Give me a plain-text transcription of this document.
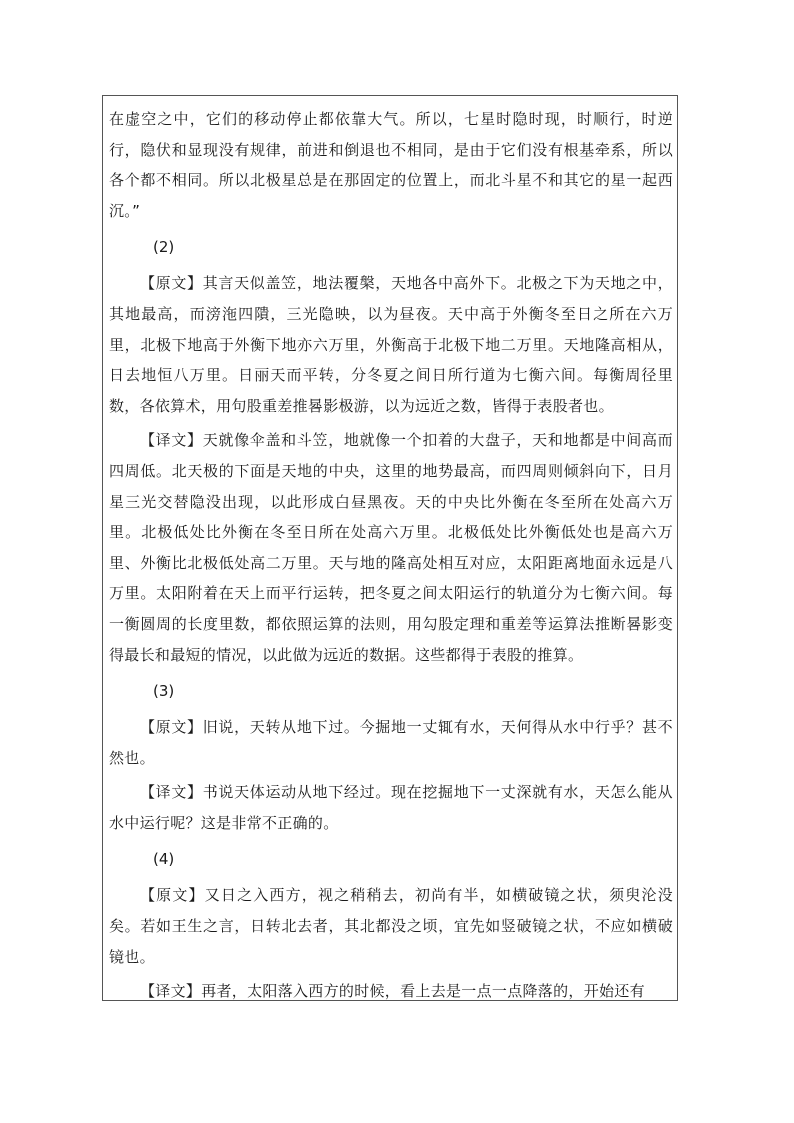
在虚空之中，它们的移动停止都依靠大气。所以，七星时隐时现，时顺行，时逆行，隐伏和显现没有规律，前进和倒退也不相同，是由于它们没有根基牵系，所以各个都不相同。所以北极星总是在那固定的位置上，而北斗星不和其它的星一起西沉。”

(2)

【原文】其言天似盖笠，地法覆槃，天地各中高外下。北极之下为天地之中，其地最高，而滂沲四隤，三光隐映，以为昼夜。天中高于外衡冬至日之所在六万里，北极下地高于外衡下地亦六万里，外衡高于北极下地二万里。天地隆高相从，日去地恒八万里。日丽天而平转，分冬夏之间日所行道为七衡六间。每衡周径里数，各依算术，用句股重差推晷影极游，以为远近之数，皆得于表股者也。

【译文】天就像伞盖和斗笠，地就像一个扣着的大盘子，天和地都是中间高而四周低。北天极的下面是天地的中央，这里的地势最高，而四周则倾斜向下，日月星三光交替隐没出现，以此形成白昼黑夜。天的中央比外衡在冬至所在处高六万里。北极低处比外衡在冬至日所在处高六万里。北极低处比外衡低处也是高六万里、外衡比北极低处高二万里。天与地的隆高处相互对应，太阳距离地面永远是八万里。太阳附着在天上而平行运转，把冬夏之间太阳运行的轨道分为七衡六间。每一衡圆周的长度里数，都依照运算的法则，用勾股定理和重差等运算法推断晷影变得最长和最短的情况，以此做为远近的数据。这些都得于表股的推算。

(3)

【原文】旧说，天转从地下过。今掘地一丈辄有水，天何得从水中行乎？甚不然也。

【译文】书说天体运动从地下经过。现在挖掘地下一丈深就有水，天怎么能从水中运行呢？这是非常不正确的。

(4)

【原文】又日之入西方，视之稍稍去，初尚有半，如横破镜之状，须臾沦没矣。若如王生之言，日转北去者，其北都没之顷，宜先如竖破镜之状，不应如横破镜也。

【译文】再者，太阳落入西方的时候，看上去是一点一点降落的，开始还有
